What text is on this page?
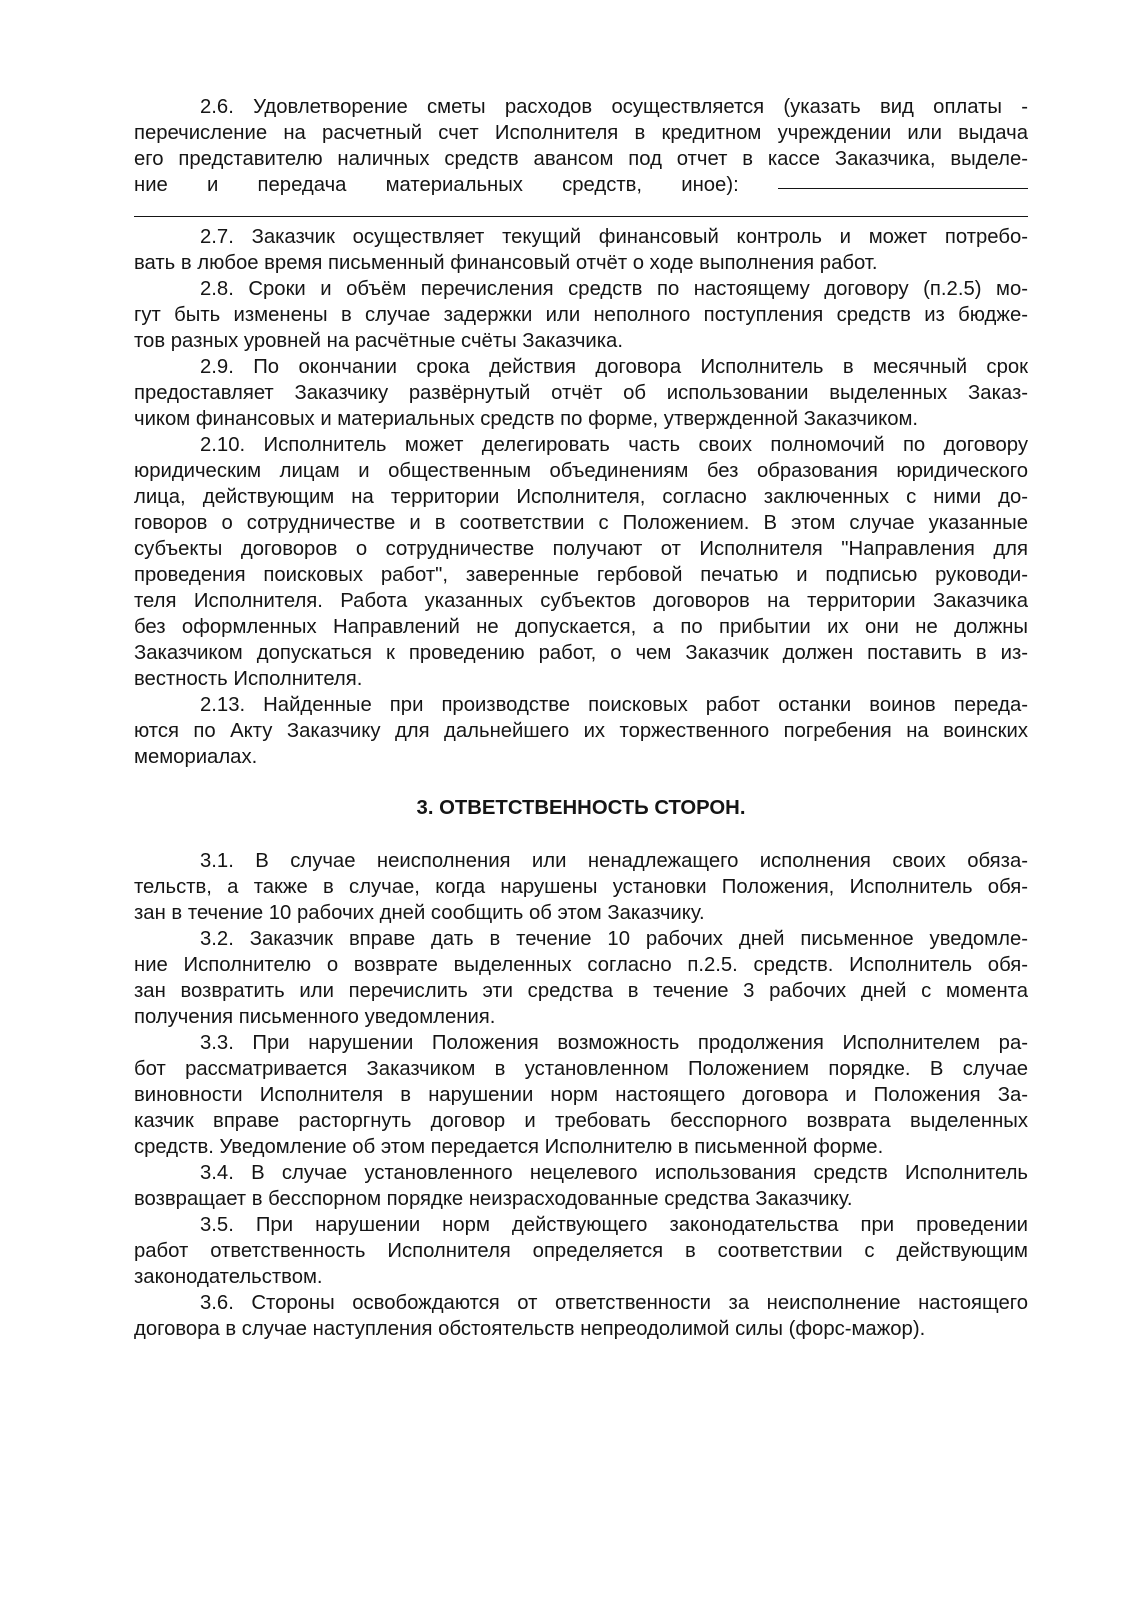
2.6. Удовлетворение сметы расходов осуществляется (указать вид оплаты -
перечисление на расчетный счет Исполнителя в кредитном учреждении или выдача
его представителю наличных средств авансом под отчет в кассе Заказчика, выделе-
ние и передача материальных средств, иное):
2.7. Заказчик осуществляет текущий финансовый контроль и может потребо-
вать в любое время письменный финансовый отчёт о ходе выполнения работ.
2.8. Сроки и объём перечисления средств по настоящему договору (п.2.5) мо-
гут быть изменены в случае задержки или неполного поступления средств из бюдже-
тов разных уровней на расчётные счёты Заказчика.
2.9. По окончании срока действия договора Исполнитель в месячный срок
предоставляет Заказчику развёрнутый отчёт об использовании выделенных Заказ-
чиком финансовых и материальных средств по форме, утвержденной Заказчиком.
2.10. Исполнитель может делегировать часть своих полномочий по договору
юридическим лицам и общественным объединениям без образования юридического
лица, действующим на территории Исполнителя, согласно заключенных с ними до-
говоров о сотрудничестве и в соответствии с Положением. В этом случае указанные
субъекты договоров о сотрудничестве получают от Исполнителя "Направления для
проведения поисковых работ", заверенные гербовой печатью и подписью руководи-
теля Исполнителя. Работа указанных субъектов договоров на территории Заказчика
без оформленных Направлений не допускается, а по прибытии их они не должны
Заказчиком допускаться к проведению работ, о чем Заказчик должен поставить в из-
вестность Исполнителя.
2.13. Найденные при производстве поисковых работ останки воинов переда-
ются по Акту Заказчику для дальнейшего их торжественного погребения на воинских
мемориалах.
3. ОТВЕТСТВЕННОСТЬ СТОРОН.
3.1. В случае неисполнения или ненадлежащего исполнения своих обяза-
тельств, а также в случае, когда нарушены установки Положения, Исполнитель обя-
зан в течение 10 рабочих дней сообщить об этом Заказчику.
3.2. Заказчик вправе дать в течение 10 рабочих дней письменное уведомле-
ние Исполнителю о возврате выделенных согласно п.2.5. средств. Исполнитель обя-
зан возвратить или перечислить эти средства в течение 3 рабочих дней с момента
получения письменного уведомления.
3.3. При нарушении Положения возможность продолжения Исполнителем ра-
бот рассматривается Заказчиком в установленном Положением порядке. В случае
виновности Исполнителя в нарушении норм настоящего договора и Положения За-
казчик вправе расторгнуть договор и требовать бесспорного возврата выделенных
средств. Уведомление об этом передается Исполнителю в письменной форме.
3.4. В случае установленного нецелевого использования средств Исполнитель
возвращает в бесспорном порядке неизрасходованные средства Заказчику.
3.5. При нарушении норм действующего законодательства при проведении
работ ответственность Исполнителя определяется в соответствии с действующим
законодательством.
3.6. Стороны освобождаются от ответственности за неисполнение настоящего
договора в случае наступления обстоятельств непреодолимой силы (форс-мажор).
